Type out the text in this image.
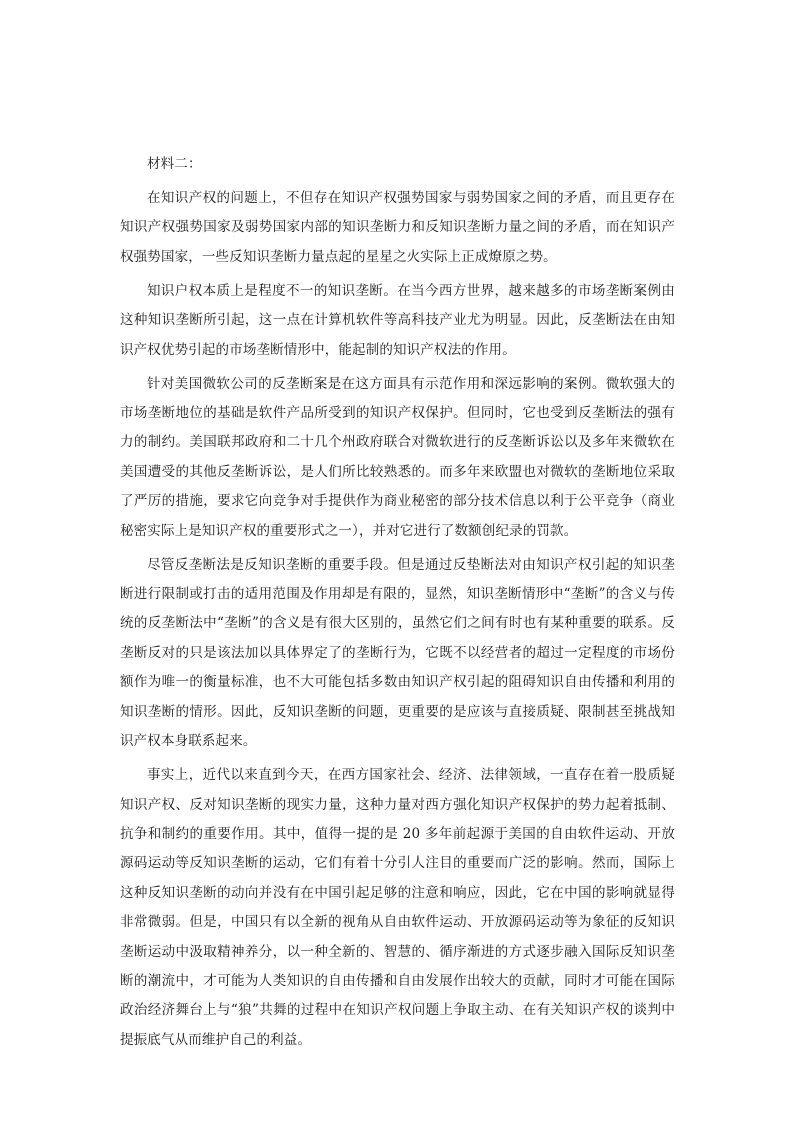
材料二：

在知识产权的问题上，不但存在知识产权强势国家与弱势国家之间的矛盾，而且更存在知识产权强势国家及弱势国家内部的知识垄断力和反知识垄断力量之间的矛盾，而在知识产权强势国家，一些反知识垄断力量点起的星星之火实际上正成燎原之势。

知识户权本质上是程度不一的知识垄断。在当今西方世界，越来越多的市场垄断案例由这种知识垄断所引起，这一点在计算机软件等高科技产业尤为明显。因此，反垄断法在由知识产权优势引起的市场垄断情形中，能起制的知识产权法的作用。

针对美国微软公司的反垄断案是在这方面具有示范作用和深远影响的案例。微软强大的市场垄断地位的基础是软件产品所受到的知识产权保护。但同时，它也受到反垄断法的强有力的制约。美国联邦政府和二十几个州政府联合对微软进行的反垄断诉讼以及多年来微软在美国遭受的其他反垄断诉讼，是人们所比较熟悉的。而多年来欧盟也对微软的垄断地位采取了严厉的措施，要求它向竞争对手提供作为商业秘密的部分技术信息以利于公平竞争（商业秘密实际上是知识产权的重要形式之一），并对它进行了数额创纪录的罚款。

尽管反垄断法是反知识垄断的重要手段。但是通过反垫断法对由知识产权引起的知识垄断进行限制或打击的适用范围及作用却是有限的，显然，知识垄断情形中“垄断”的含义与传统的反垄断法中“垄断”的含义是有很大区别的，虽然它们之间有时也有某种重要的联系。反垄断反对的只是该法加以具体界定了的垄断行为，它既不以经营者的超过一定程度的市场份额作为唯一的衡量标准，也不大可能包括多数由知识产权引起的阻碍知识自由传播和利用的知识垄断的情形。因此，反知识垄断的问题，更重要的是应该与直接质疑、限制甚至挑战知识产权本身联系起来。

事实上，近代以来直到今天，在西方国家社会、经济、法律领域，一直存在着一股质疑知识产权、反对知识垄断的现实力量，这种力量对西方强化知识产权保护的势力起着抵制、抗争和制约的重要作用。其中，值得一提的是 20 多年前起源于美国的自由软件运动、开放源码运动等反知识垄断的运动，它们有着十分引人注目的重要而广泛的影响。然而，国际上这种反知识垄断的动向并没有在中国引起足够的注意和响应，因此，它在中国的影响就显得非常微弱。但是，中国只有以全新的视角从自由软件运动、开放源码运动等为象征的反知识垄断运动中汲取精神养分，以一种全新的、智慧的、循序渐进的方式逐步融入国际反知识垄断的潮流中，才可能为人类知识的自由传播和自由发展作出较大的贡献，同时才可能在国际政治经济舞台上与“狼”共舞的过程中在知识产权问题上争取主动、在有关知识产权的谈判中提振底气从而维护自己的利益。
